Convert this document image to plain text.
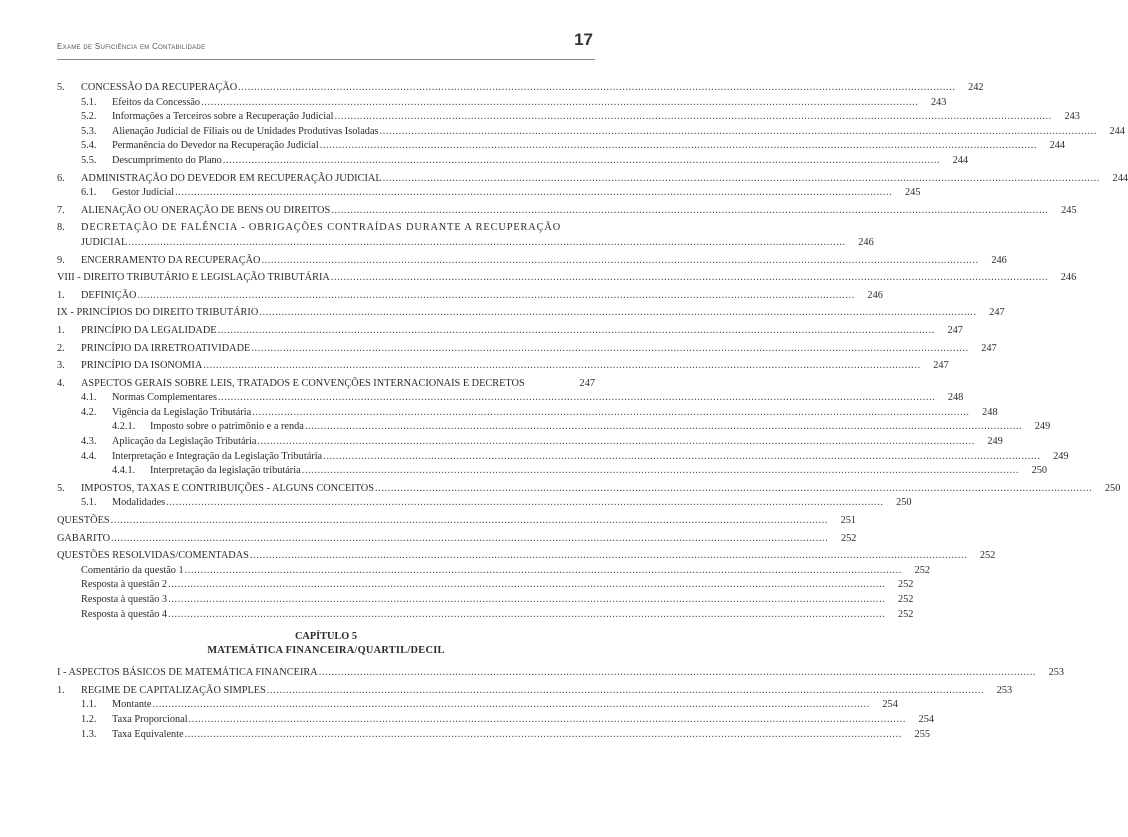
Exame de Suficiência em Contabilidade	17
5.	CONCESSÃO DA RECUPERAÇÃO .....	242
5.1.	Efeitos da Concessão .....	243
5.2.	Informações a Terceiros sobre a Recuperação Judicial .....	243
5.3.	Alienação Judicial de Filiais ou de Unidades Produtivas Isoladas .....	244
5.4.	Permanência do Devedor na Recuperação Judicial .....	244
5.5.	Descumprimento do Plano .....	244
6.	ADMINISTRAÇÃO DO DEVEDOR EM RECUPERAÇÃO JUDICIAL .....	244
6.1.	Gestor Judicial .....	245
7.	ALIENAÇÃO OU ONERAÇÃO DE BENS OU DIREITOS .....	245
8. DECRETAÇÃO DE FALÊNCIA - OBRIGAÇÕES CONTRAÍDAS DURANTE A RECUPERAÇÃO
JUDICIAL .....	246
9.	ENCERRAMENTO DA RECUPERAÇÃO .....	246
VIII - DIREITO TRIBUTÁRIO E LEGISLAÇÃO TRIBUTÁRIA .....	246
1.	DEFINIÇÃO .....	246
IX - PRINCÍPIOS DO DIREITO TRIBUTÁRIO .....	247
1.	PRINCÍPIO DA LEGALIDADE .....	247
2.	PRINCÍPIO DA IRRETROATIVIDADE .....	247
3.	PRINCÍPIO DA ISONOMIA .....	247
4.	ASPECTOS GERAIS SOBRE LEIS, TRATADOS E CONVENÇÕES INTERNACIONAIS E DECRETOS	247
4.1.	Normas Complementares .....	248
4.2.	Vigência da Legislação Tributária .....	248
4.2.1.	Imposto sobre o patrimônio e a renda .....	249
4.3.	Aplicação da Legislação Tributária .....	249
4.4.	Interpretação e Integração da Legislação Tributária .....	249
4.4.1.	Interpretação da legislação tributária .....	250
5.	IMPOSTOS, TAXAS E CONTRIBUIÇÕES - ALGUNS CONCEITOS .....	250
5.1.	Modalidades .....	250
QUESTÕES .....	251
GABARITO .....	252
QUESTÕES RESOLVIDAS/COMENTADAS .....	252
Comentário da questão 1 .....	252
Resposta à questão 2 .....	252
Resposta à questão 3 .....	252
Resposta à questão 4 .....	252
CAPÍTULO 5
MATEMÁTICA FINANCEIRA/QUARTIL/DECIL
I - ASPECTOS BÁSICOS DE MATEMÁTICA FINANCEIRA .....	253
1.	REGIME DE CAPITALIZAÇÃO SIMPLES .....	253
1.1.	Montante .....	254
1.2.	Taxa Proporcional .....	254
1.3.	Taxa Equivalente .....	255
